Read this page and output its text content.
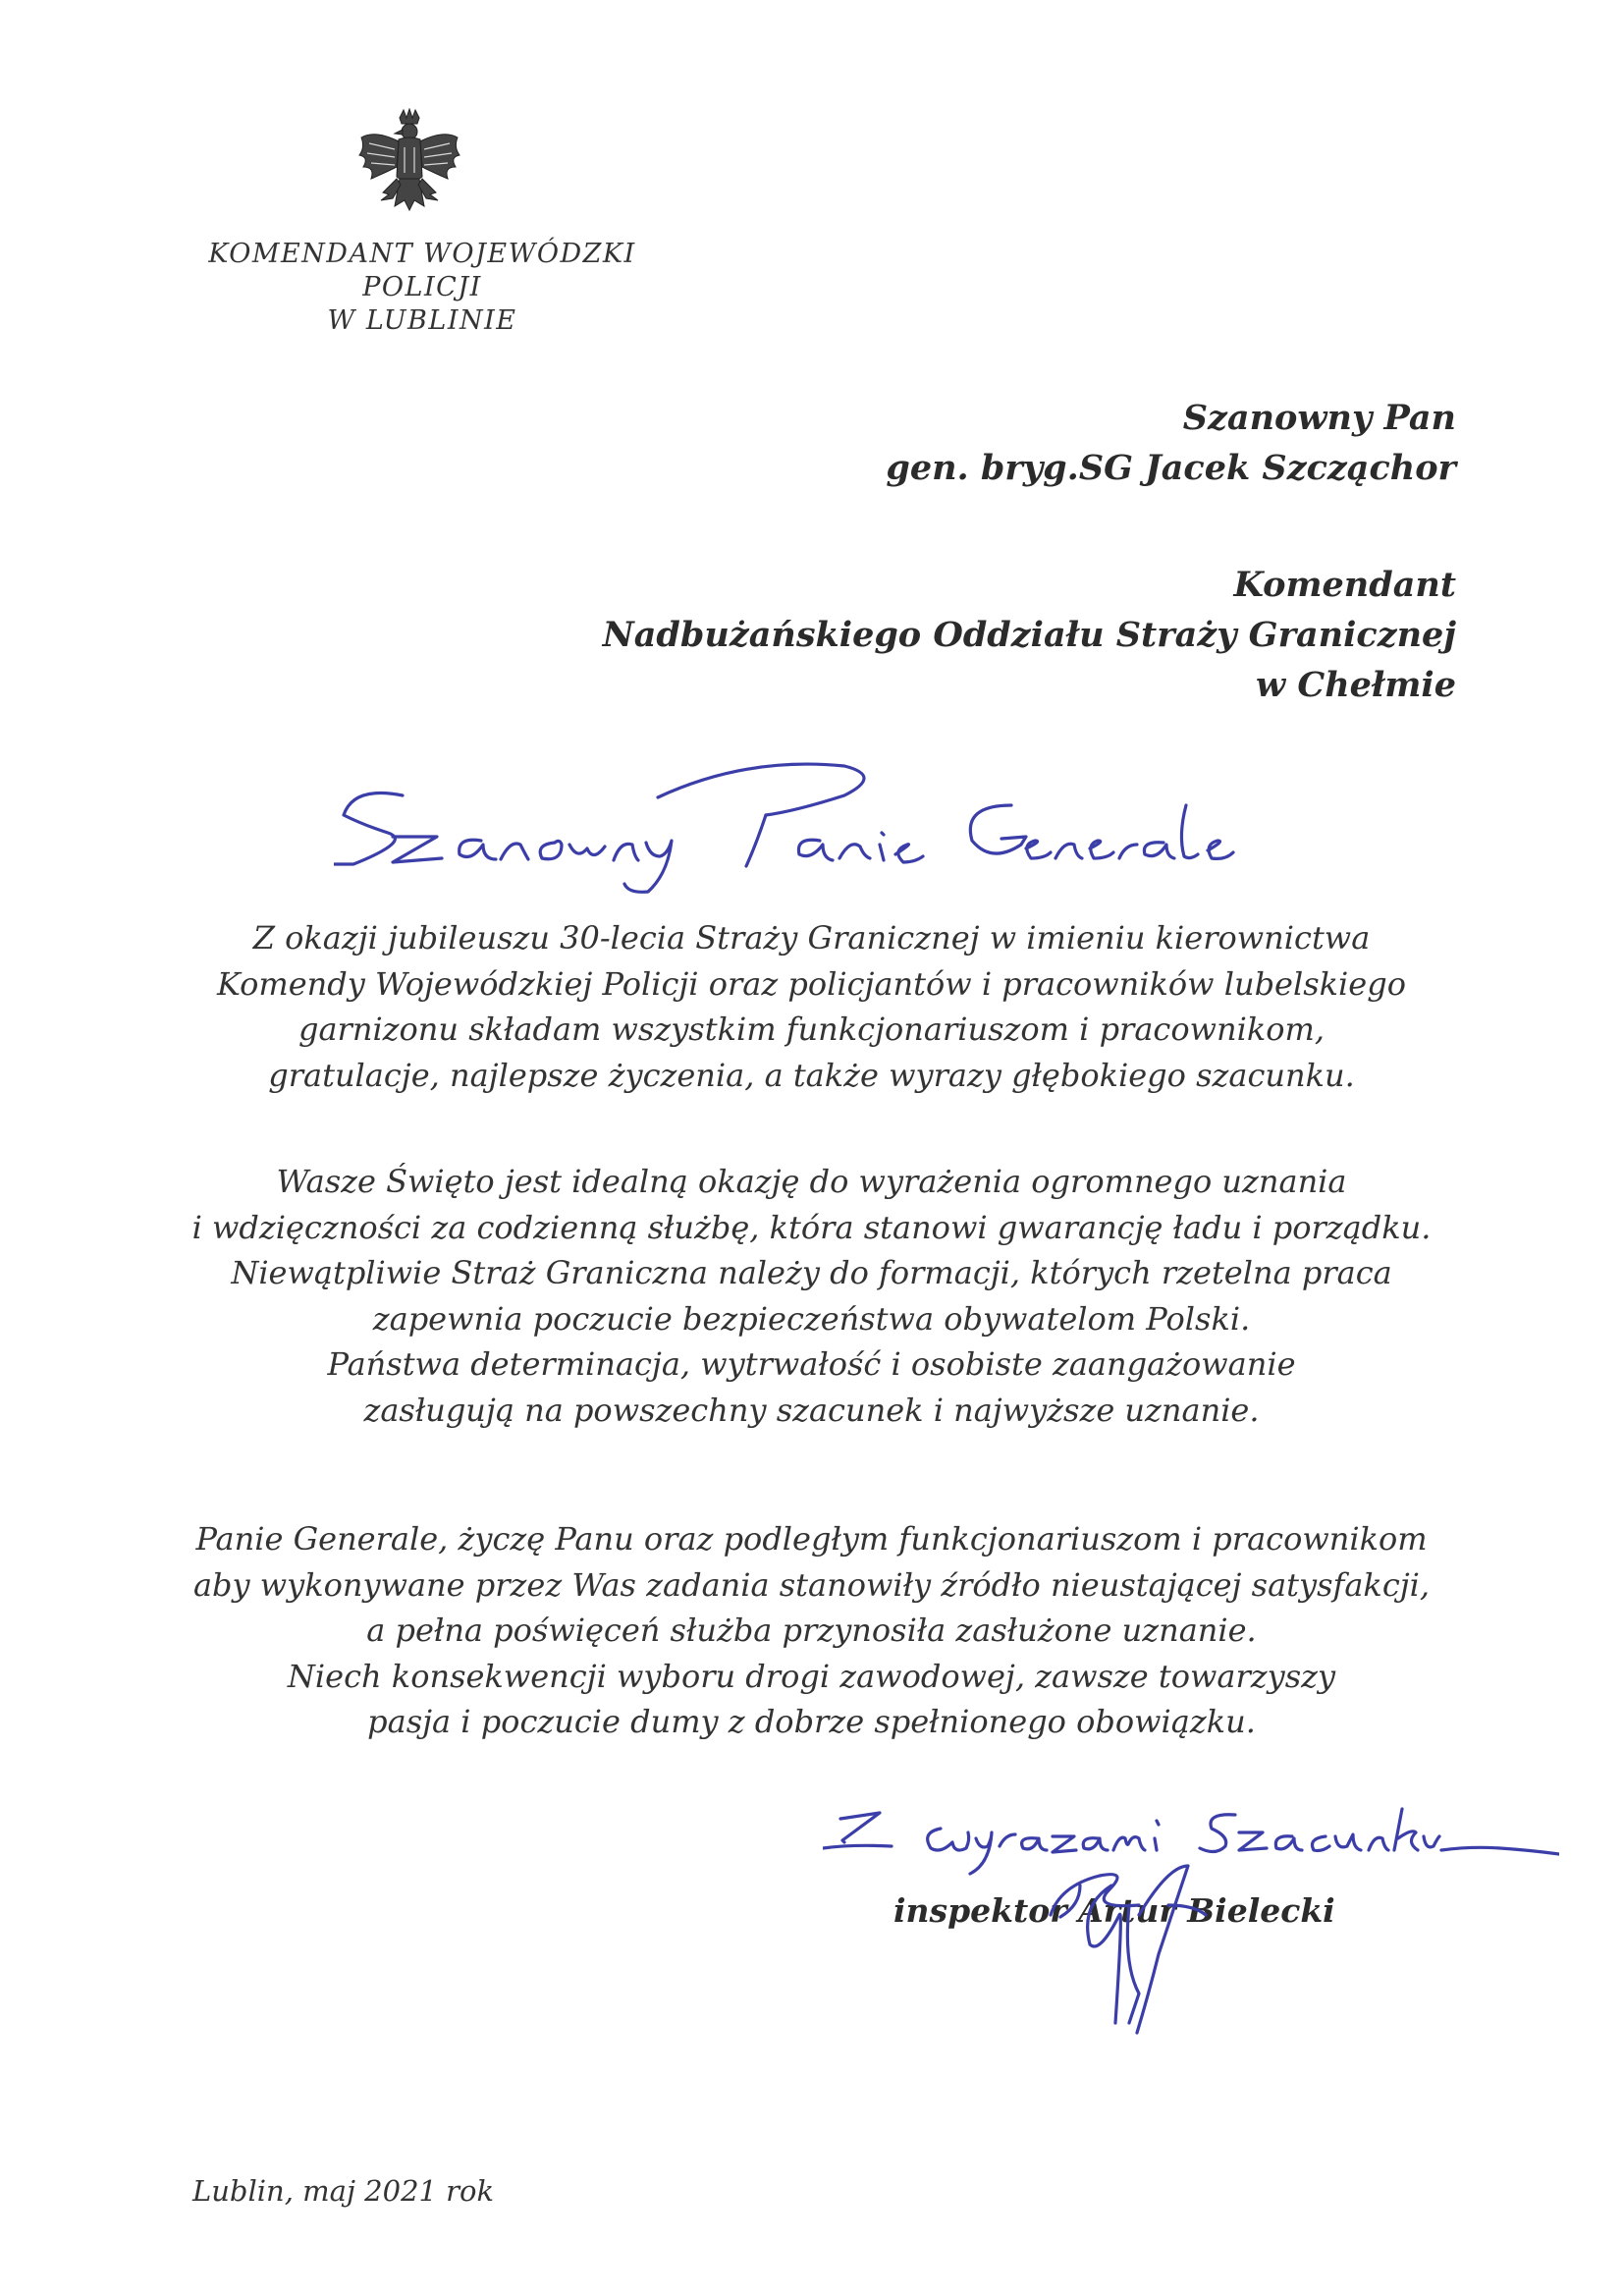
KOMENDANT WOJEWÓDZKI POLICJI
W LUBLINIE
Szanowny Pan
gen. bryg.SG Jacek Szcząchor
Komendant
Nadbużańskiego Oddziału Straży Granicznej
w Chełmie
Z okazji jubileuszu 30-lecia Straży Granicznej w imieniu kierownictwa
Komendy Wojewódzkiej Policji oraz policjantów i pracowników lubelskiego
garnizonu składam wszystkim funkcjonariuszom i pracownikom,
gratulacje, najlepsze życzenia, a także wyrazy głębokiego szacunku.
Wasze Święto jest idealną okazję do wyrażenia ogromnego uznania
i wdzięczności za codzienną służbę, która stanowi gwarancję ładu i porządku.
Niewątpliwie Straż Graniczna należy do formacji, których rzetelna praca
zapewnia poczucie bezpieczeństwa obywatelom Polski.
Państwa determinacja, wytrwałość i osobiste zaangażowanie
zasługują na powszechny szacunek i najwyższe uznanie.
Panie Generale, życzę Panu oraz podległym funkcjonariuszom i pracownikom
aby wykonywane przez Was zadania stanowiły źródło nieustającej satysfakcji,
a pełna poświęceń służba przynosiła zasłużone uznanie.
Niech konsekwencji wyboru drogi zawodowej, zawsze towarzyszy
pasja i poczucie dumy z dobrze spełnionego obowiązku.
inspektor Artur Bielecki
Lublin, maj 2021 rok
